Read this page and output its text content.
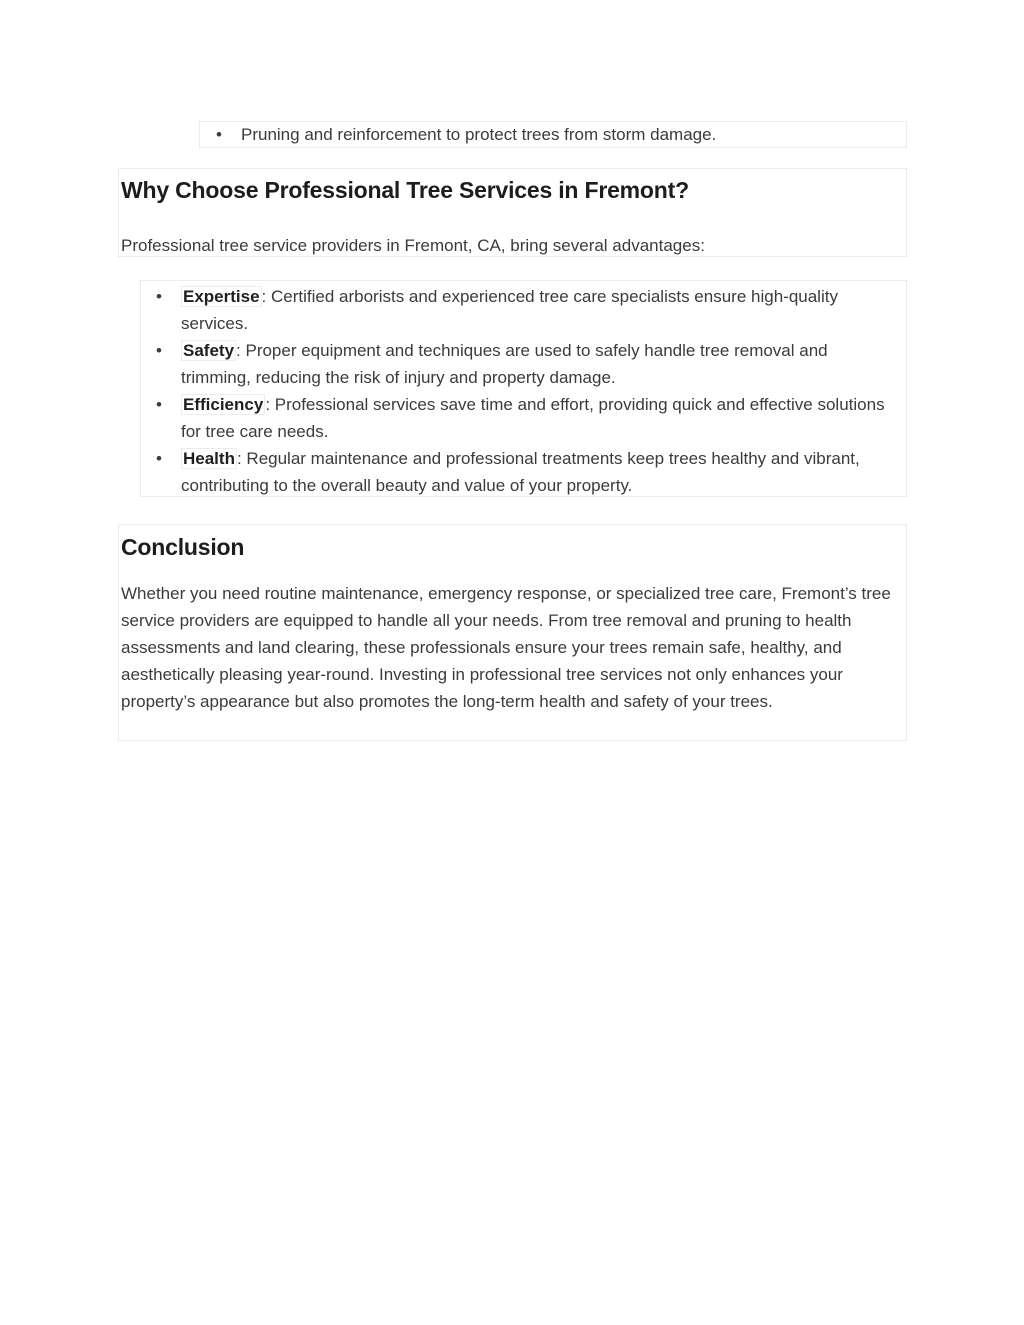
• Pruning and reinforcement to protect trees from storm damage.
Why Choose Professional Tree Services in Fremont?

Professional tree service providers in Fremont, CA, bring several advantages:

• Expertise : Certified arborists and experienced tree care specialists ensure high-quality services.
• Safety : Proper equipment and techniques are used to safely handle tree removal and trimming, reducing the risk of injury and property damage.
• Efficiency : Professional services save time and effort, providing quick and effective solutions for tree care needs.
• Health : Regular maintenance and professional treatments keep trees healthy and vibrant, contributing to the overall beauty and value of your property.
Conclusion

Whether you need routine maintenance, emergency response, or specialized tree care, Fremont’s tree service providers are equipped to handle all your needs. From tree removal and pruning to health assessments and land clearing, these professionals ensure your trees remain safe, healthy, and aesthetically pleasing year-round. Investing in professional tree services not only enhances your property’s appearance but also promotes the long-term health and safety of your trees.
